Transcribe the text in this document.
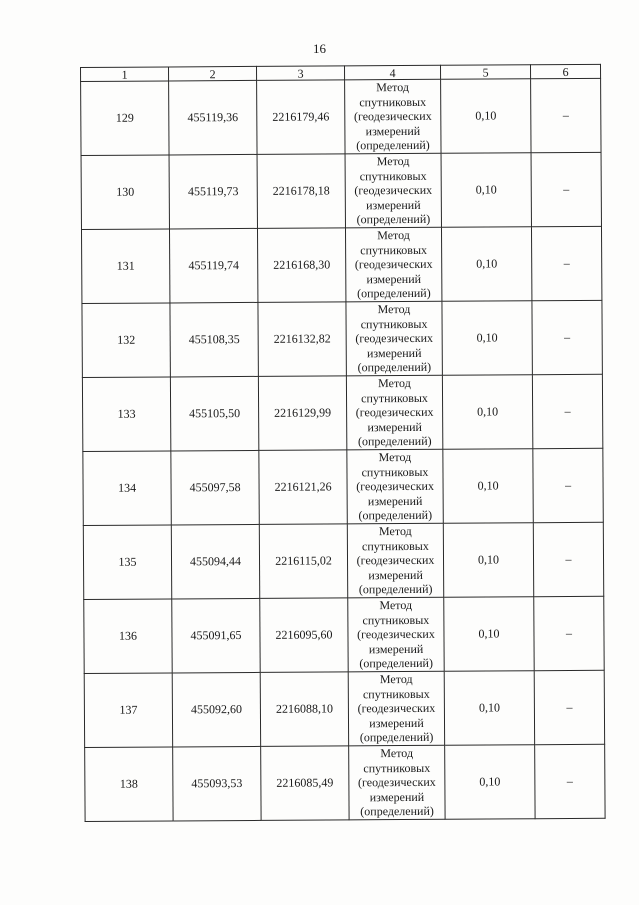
16
1	2	3	4	5	6
129	455119,36	2216179,46	Метод
спутниковых
(геодезических
измерений
(определений)	0,10	–
130	455119,73	2216178,18	Метод
спутниковых
(геодезических
измерений
(определений)	0,10	–
131	455119,74	2216168,30	Метод
спутниковых
(геодезических
измерений
(определений)	0,10	–
132	455108,35	2216132,82	Метод
спутниковых
(геодезических
измерений
(определений)	0,10	–
133	455105,50	2216129,99	Метод
спутниковых
(геодезических
измерений
(определений)	0,10	–
134	455097,58	2216121,26	Метод
спутниковых
(геодезических
измерений
(определений)	0,10	–
135	455094,44	2216115,02	Метод
спутниковых
(геодезических
измерений
(определений)	0,10	–
136	455091,65	2216095,60	Метод
спутниковых
(геодезических
измерений
(определений)	0,10	–
137	455092,60	2216088,10	Метод
спутниковых
(геодезических
измерений
(определений)	0,10	–
138	455093,53	2216085,49	Метод
спутниковых
(геодезических
измерений
(определений)	0,10	–
